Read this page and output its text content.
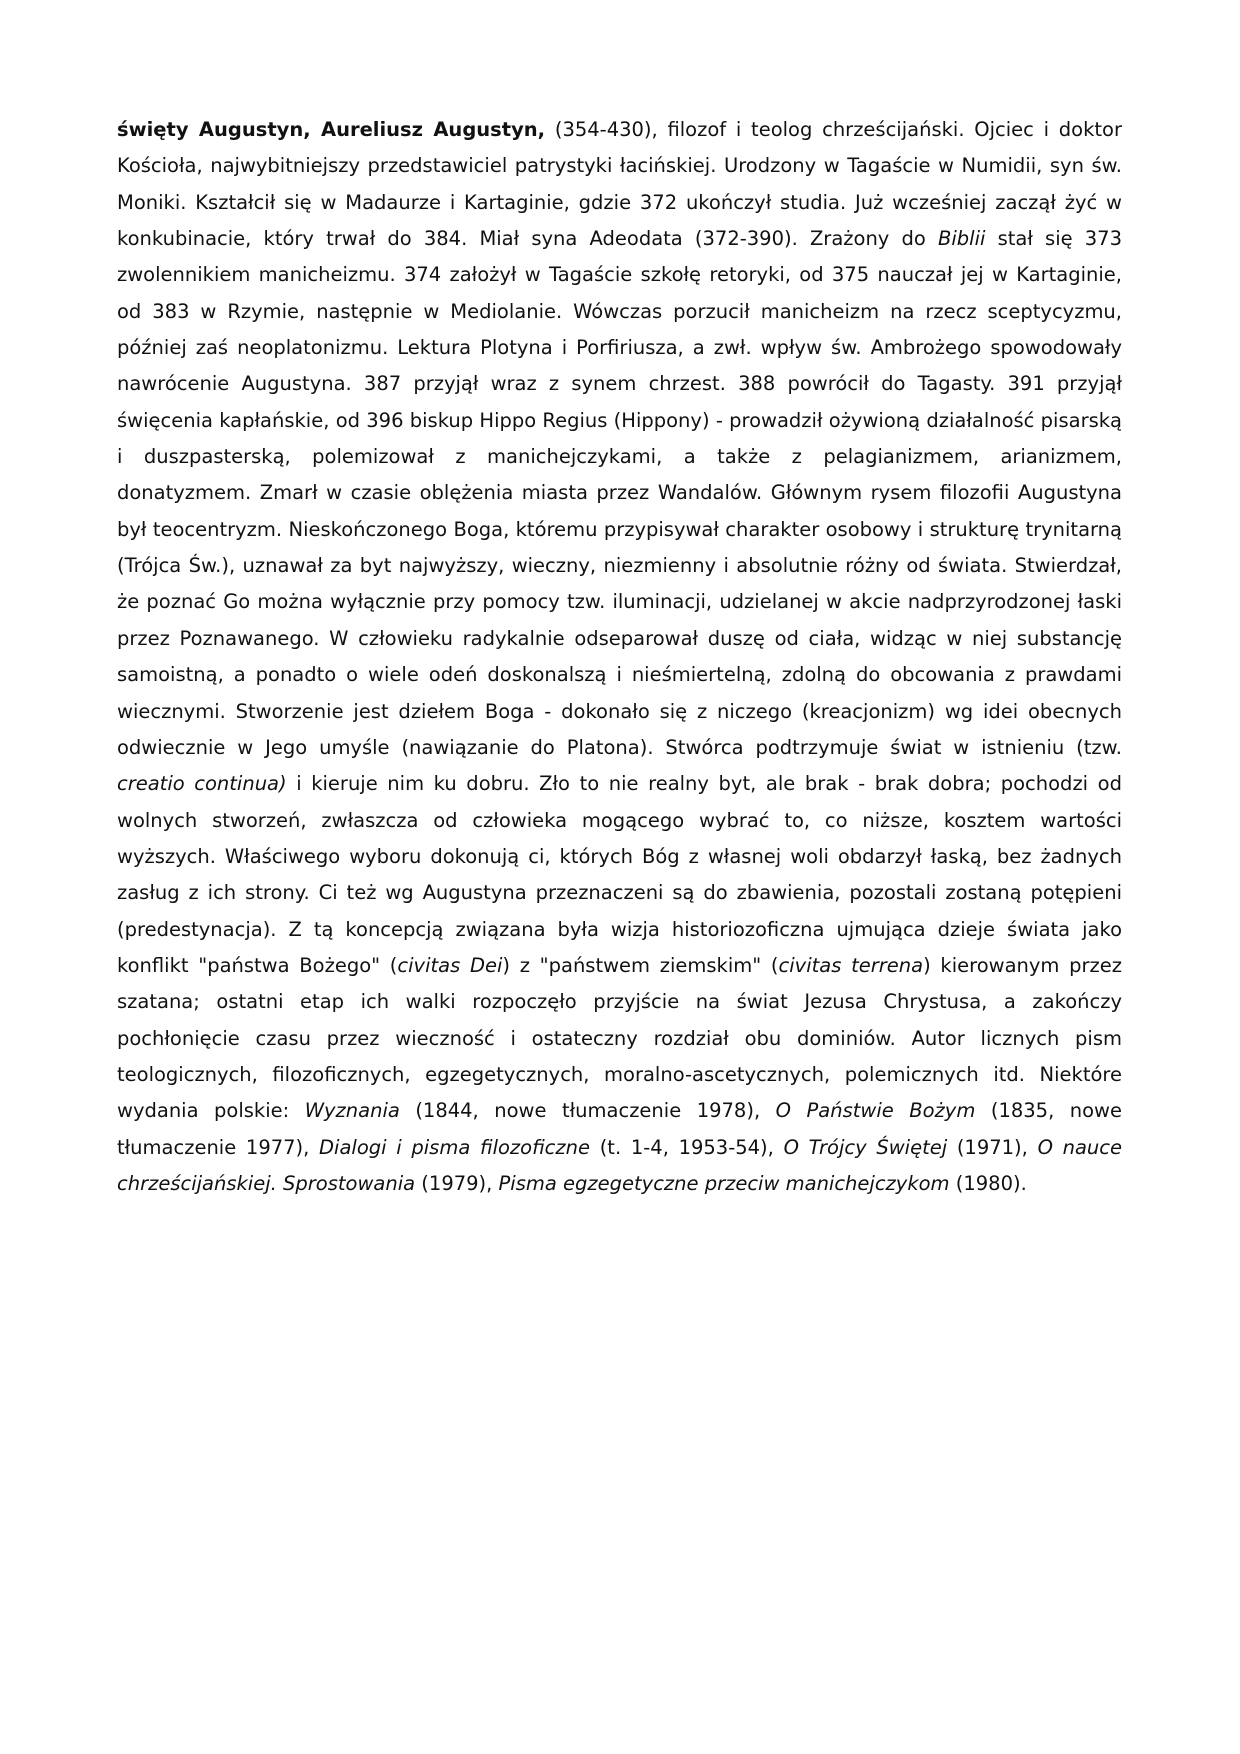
święty Augustyn, Aureliusz Augustyn, (354-430), filozof i teolog chrześcijański. Ojciec i doktor Kościoła, najwybitniejszy przedstawiciel patrystyki łacińskiej. Urodzony w Tagaście w Numidii, syn św. Moniki. Kształcił się w Madaurze i Kartaginie, gdzie 372 ukończył studia. Już wcześniej zaczął żyć w konkubinacie, który trwał do 384. Miał syna Adeodata (372-390). Zrażony do Biblii stał się 373 zwolennikiem manicheizmu. 374 założył w Tagaście szkołę retoryki, od 375 nauczał jej w Kartaginie, od 383 w Rzymie, następnie w Mediolanie. Wówczas porzucił manicheizm na rzecz sceptycyzmu, później zaś neoplatonizmu. Lektura Plotyna i Porfiriusza, a zwł. wpływ św. Ambrożego spowodowały nawrócenie Augustyna. 387 przyjął wraz z synem chrzest. 388 powrócił do Tagasty. 391 przyjął święcenia kapłańskie, od 396 biskup Hippo Regius (Hippony) - prowadził ożywioną działalność pisarską i duszpasterską, polemizował z manichejczykami, a także z pelagianizmem, arianizmem, donatyzmem. Zmarł w czasie oblężenia miasta przez Wandalów. Głównym rysem filozofii Augustyna był teocentryzm. Nieskończonego Boga, któremu przypisywał charakter osobowy i strukturę trynitarną (Trójca Św.), uznawał za byt najwyższy, wieczny, niezmienny i absolutnie różny od świata. Stwierdzał, że poznać Go można wyłącznie przy pomocy tzw. iluminacji, udzielanej w akcie nadprzyrodzonej łaski przez Poznawanego. W człowieku radykalnie odseparował duszę od ciała, widząc w niej substancję samoistną, a ponadto o wiele odeń doskonalszą i nieśmiertelną, zdolną do obcowania z prawdami wiecznymi. Stworzenie jest dziełem Boga - dokonało się z niczego (kreacjonizm) wg idei obecnych odwiecznie w Jego umyśle (nawiązanie do Platona). Stwórca podtrzymuje świat w istnieniu (tzw. creatio continua) i kieruje nim ku dobru. Zło to nie realny byt, ale brak - brak dobra; pochodzi od wolnych stworzeń, zwłaszcza od człowieka mogącego wybrać to, co niższe, kosztem wartości wyższych. Właściwego wyboru dokonują ci, których Bóg z własnej woli obdarzył łaską, bez żadnych zasług z ich strony. Ci też wg Augustyna przeznaczeni są do zbawienia, pozostali zostaną potępieni (predestynacja). Z tą koncepcją związana była wizja historiozoficzna ujmująca dzieje świata jako konflikt "państwa Bożego" (civitas Dei) z "państwem ziemskim" (civitas terrena) kierowanym przez szatana; ostatni etap ich walki rozpoczęło przyjście na świat Jezusa Chrystusa, a zakończy pochłonięcie czasu przez wieczność i ostateczny rozdział obu dominiów. Autor licznych pism teologicznych, filozoficznych, egzegetycznych, moralno-ascetycznych, polemicznych itd. Niektóre wydania polskie: Wyznania (1844, nowe tłumaczenie 1978), O Państwie Bożym (1835, nowe tłumaczenie 1977), Dialogi i pisma filozoficzne (t. 1-4, 1953-54), O Trójcy Świętej (1971), O nauce chrześcijańskiej. Sprostowania (1979), Pisma egzegetyczne przeciw manichejczykom (1980).
